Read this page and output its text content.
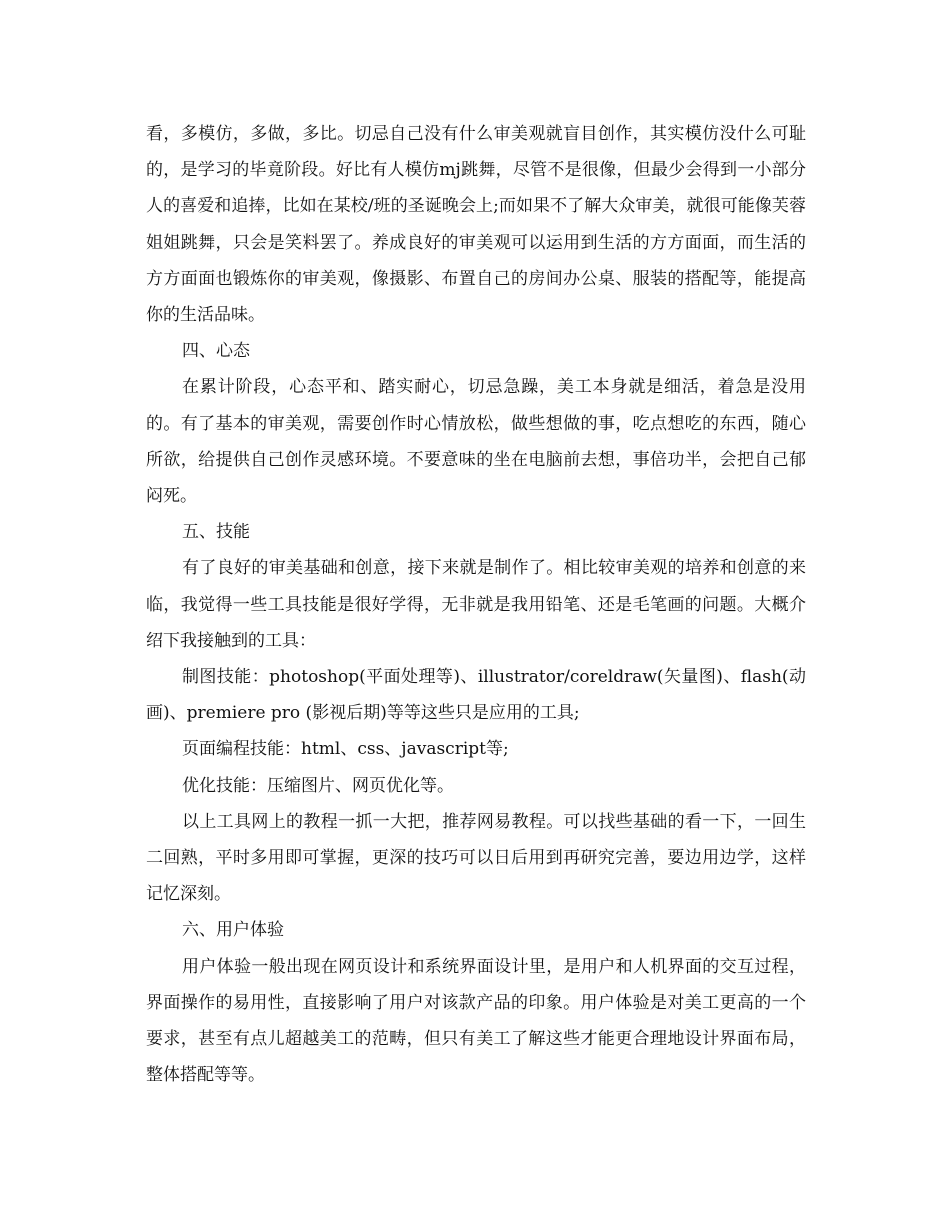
看，多模仿，多做，多比。切忌自己没有什么审美观就盲目创作，其实模仿没什么可耻的，是学习的毕竟阶段。好比有人模仿mj跳舞，尽管不是很像，但最少会得到一小部分人的喜爱和追捧，比如在某校/班的圣诞晚会上;而如果不了解大众审美，就很可能像芙蓉姐姐跳舞，只会是笑料罢了。养成良好的审美观可以运用到生活的方方面面，而生活的方方面面也锻炼你的审美观，像摄影、布置自己的房间办公桌、服装的搭配等，能提高你的生活品味。

四、心态

在累计阶段，心态平和、踏实耐心，切忌急躁，美工本身就是细活，着急是没用的。有了基本的审美观，需要创作时心情放松，做些想做的事，吃点想吃的东西，随心所欲，给提供自己创作灵感环境。不要意味的坐在电脑前去想，事倍功半，会把自己郁闷死。

五、技能

有了良好的审美基础和创意，接下来就是制作了。相比较审美观的培养和创意的来临，我觉得一些工具技能是很好学得，无非就是我用铅笔、还是毛笔画的问题。大概介绍下我接触到的工具：

制图技能：photoshop(平面处理等)、illustrator/coreldraw(矢量图)、flash(动画)、premiere pro (影视后期)等等这些只是应用的工具;

页面编程技能：html、css、javascript等;

优化技能：压缩图片、网页优化等。

以上工具网上的教程一抓一大把，推荐网易教程。可以找些基础的看一下，一回生二回熟，平时多用即可掌握，更深的技巧可以日后用到再研究完善，要边用边学，这样记忆深刻。

六、用户体验

用户体验一般出现在网页设计和系统界面设计里，是用户和人机界面的交互过程，界面操作的易用性，直接影响了用户对该款产品的印象。用户体验是对美工更高的一个要求，甚至有点儿超越美工的范畴，但只有美工了解这些才能更合理地设计界面布局，整体搭配等等。
